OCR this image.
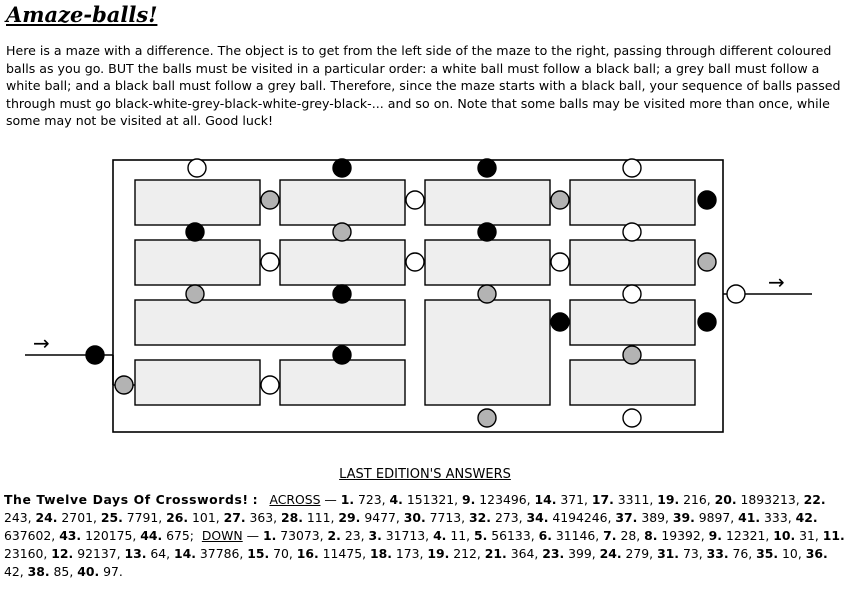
Amaze-balls!
Here is a maze with a difference. The object is to get from the left side of the maze to the right, passing through different coloured balls as you go. BUT the balls must be visited in a particular order: a white ball must follow a black ball; a grey ball must follow a white ball; and a black ball must follow a grey ball. Therefore, since the maze starts with a black ball, your sequence of balls passed through must go black-white-grey-black-white-grey-black-... and so on. Note that some balls may be visited more than once, while some may not be visited at all. Good luck!
→
→
LAST EDITION'S ANSWERS
The Twelve Days Of Crosswords! : ACROSS — 1. 723, 4. 151321, 9. 123496, 14. 371, 17. 3311, 19. 216, 20. 1893213, 22. 243, 24. 2701, 25. 7791, 26. 101, 27. 363, 28. 111, 29. 9477, 30. 7713, 32. 273, 34. 4194246, 37. 389, 39. 9897, 41. 333, 42. 637602, 43. 120175, 44. 675;  DOWN — 1. 73073, 2. 23, 3. 31713, 4. 11, 5. 56133, 6. 31146, 7. 28, 8. 19392, 9. 12321, 10. 31, 11. 23160, 12. 92137, 13. 64, 14. 37786, 15. 70, 16. 11475, 18. 173, 19. 212, 21. 364, 23. 399, 24. 279, 31. 73, 33. 76, 35. 10, 36. 42, 38. 85, 40. 97.
